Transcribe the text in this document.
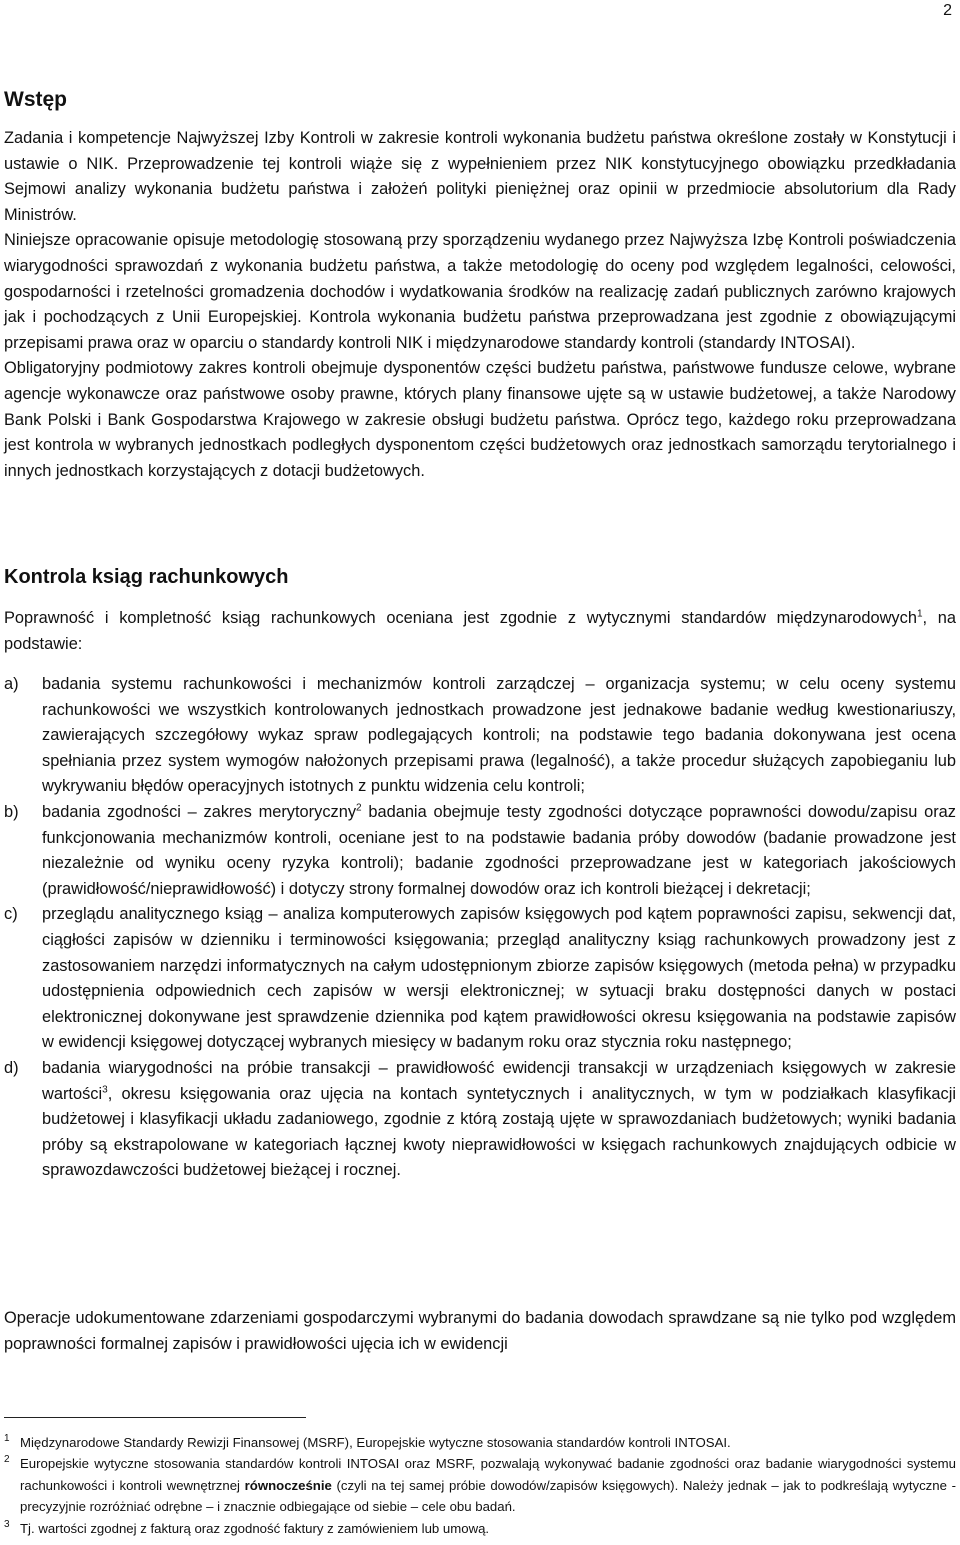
2
Wstęp

Zadania i kompetencje Najwyższej Izby Kontroli w zakresie kontroli wykonania budżetu państwa określone zostały w Konstytucji i ustawie o NIK. Przeprowadzenie tej kontroli wiąże się z wypełnieniem przez NIK konstytucyjnego obowiązku przedkładania Sejmowi analizy wykonania budżetu państwa i założeń polityki pieniężnej oraz opinii w przedmiocie absolutorium dla Rady Ministrów.

Niniejsze opracowanie opisuje metodologię stosowaną przy sporządzeniu wydanego przez Najwyższa Izbę Kontroli poświadczenia wiarygodności sprawozdań z wykonania budżetu państwa, a także metodologię do oceny pod względem legalności, celowości, gospodarności i rzetelności gromadzenia dochodów i wydatkowania środków na realizację zadań publicznych zarówno krajowych jak i pochodzących z Unii Europejskiej. Kontrola wykonania budżetu państwa przeprowadzana jest zgodnie z obowiązującymi przepisami prawa oraz w oparciu o standardy kontroli NIK i międzynarodowe standardy kontroli (standardy INTOSAI).

Obligatoryjny podmiotowy zakres kontroli obejmuje dysponentów części budżetu państwa, państwowe fundusze celowe, wybrane agencje wykonawcze oraz państwowe osoby prawne, których plany finansowe ujęte są w ustawie budżetowej, a także Narodowy Bank Polski i Bank Gospodarstwa Krajowego w zakresie obsługi budżetu państwa. Oprócz tego, każdego roku przeprowadzana jest kontrola w wybranych jednostkach podległych dysponentom części budżetowych oraz jednostkach samorządu terytorialnego i innych jednostkach korzystających z dotacji budżetowych.

Kontrola ksiąg rachunkowych

Poprawność i kompletność ksiąg rachunkowych oceniana jest zgodnie z wytycznymi standardów międzynarodowych$^1$, na podstawie:

a) badania systemu rachunkowości i mechanizmów kontroli zarządczej – organizacja systemu; w celu oceny systemu rachunkowości we wszystkich kontrolowanych jednostkach prowadzone jest jednakowe badanie według kwestionariuszy, zawierających szczegółowy wykaz spraw podlegających kontroli; na podstawie tego badania dokonywana jest ocena spełniania przez system wymogów nałożonych przepisami prawa (legalność), a także procedur służących zapobieganiu lub wykrywaniu błędów operacyjnych istotnych z punktu widzenia celu kontroli;
b) badania zgodności – zakres merytoryczny$^2$ badania obejmuje testy zgodności dotyczące poprawności dowodu/zapisu oraz funkcjonowania mechanizmów kontroli, oceniane jest to na podstawie badania próby dowodów (badanie prowadzone jest niezależnie od wyniku oceny ryzyka kontroli); badanie zgodności przeprowadzane jest w kategoriach jakościowych (prawidłowość/nieprawidłowość) i dotyczy strony formalnej dowodów oraz ich kontroli bieżącej i dekretacji;
c) przeglądu analitycznego ksiąg – analiza komputerowych zapisów księgowych pod kątem poprawności zapisu, sekwencji dat, ciągłości zapisów w dzienniku i terminowości księgowania; przegląd analityczny ksiąg rachunkowych prowadzony jest z zastosowaniem narzędzi informatycznych na całym udostępnionym zbiorze zapisów księgowych (metoda pełna) w przypadku udostępnienia odpowiednich cech zapisów w wersji elektronicznej; w sytuacji braku dostępności danych w postaci elektronicznej dokonywane jest sprawdzenie dziennika pod kątem prawidłowości okresu księgowania na podstawie zapisów w ewidencji księgowej dotyczącej wybranych miesięcy w badanym roku oraz stycznia roku następnego;
d) badania wiarygodności na próbie transakcji – prawidłowość ewidencji transakcji w urządzeniach księgowych w zakresie wartości$^3$, okresu księgowania oraz ujęcia na kontach syntetycznych i analitycznych, w tym w podziałkach klasyfikacji budżetowej i klasyfikacji układu zadaniowego, zgodnie z którą zostają ujęte w sprawozdaniach budżetowych; wyniki badania próby są ekstrapolowane w kategoriach łącznej kwoty nieprawidłowości w księgach rachunkowych znajdujących odbicie w sprawozdawczości budżetowej bieżącej i rocznej.

Operacje udokumentowane zdarzeniami gospodarczymi wybranymi do badania dowodach sprawdzane są nie tylko pod względem poprawności formalnej zapisów i prawidłowości ujęcia ich w ewidencji

1 Międzynarodowe Standardy Rewizji Finansowej (MSRF), Europejskie wytyczne stosowania standardów kontroli INTOSAI.
2 Europejskie wytyczne stosowania standardów kontroli INTOSAI oraz MSRF, pozwalają wykonywać badanie zgodności oraz badanie wiarygodności systemu rachunkowości i kontroli wewnętrznej równocześnie (czyli na tej samej próbie dowodów/zapisów księgowych). Należy jednak – jak to podkreślają wytyczne - precyzyjnie rozróżniać odrębne – i znacznie odbiegające od siebie – cele obu badań.
3 Tj. wartości zgodnej z fakturą oraz zgodność faktury z zamówieniem lub umową.
